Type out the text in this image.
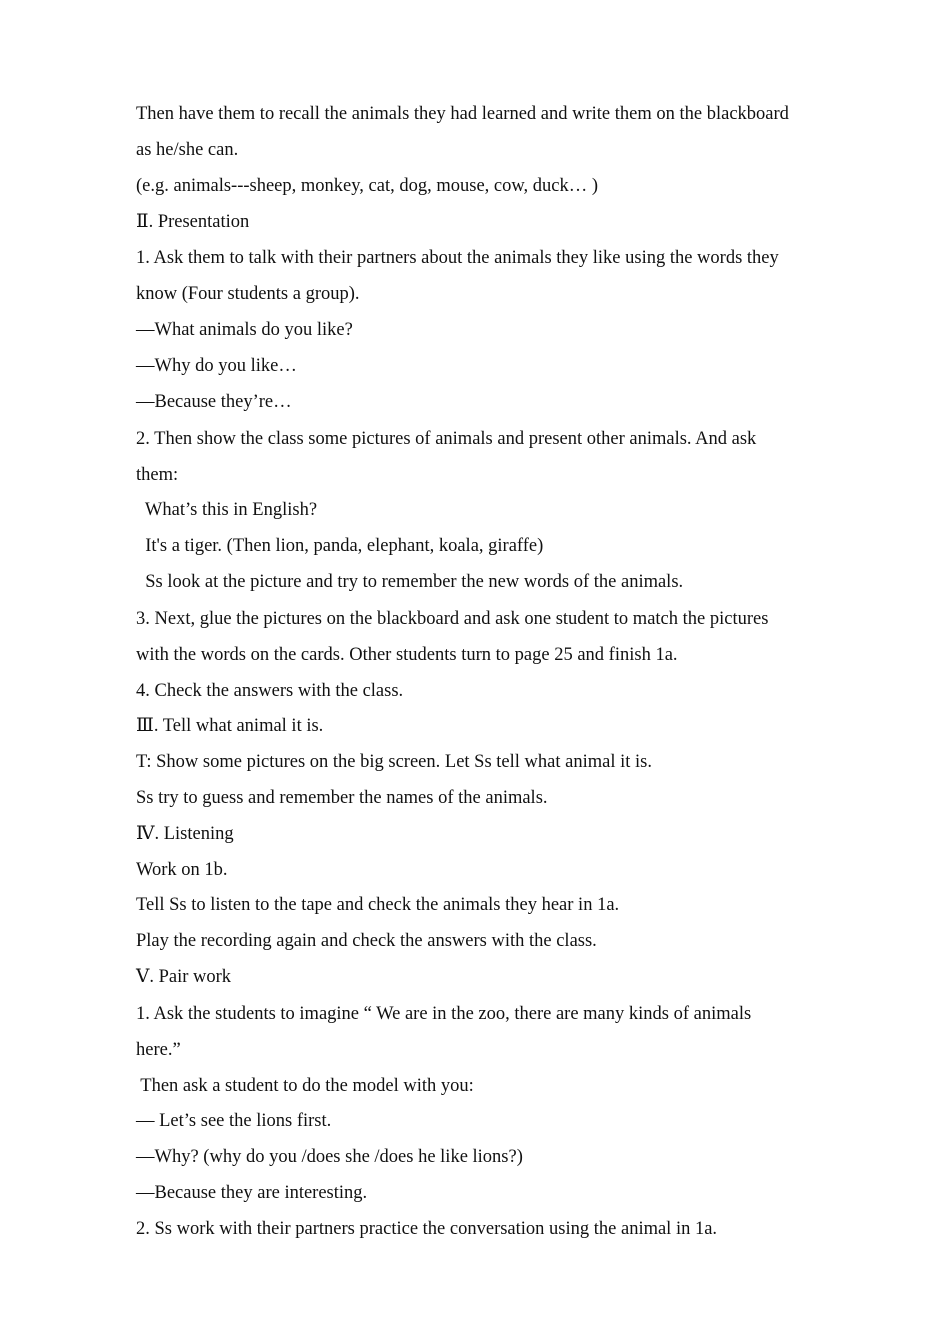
Then have them to recall the animals they had learned and write them on the blackboard

as he/she can.

(e.g. animals---sheep, monkey, cat, dog, mouse, cow, duck… )

Ⅱ. Presentation

1. Ask them to talk with their partners about the animals they like using the words they

know (Four students a group).

—What animals do you like?

—Why do you like…

—Because they’re…

2. Then show the class some pictures of animals and present other animals. And ask

them:

What’s this in English?

It's a tiger. (Then lion, panda, elephant, koala, giraffe)

Ss look at the picture and try to remember the new words of the animals.

3. Next, glue the pictures on the blackboard and ask one student to match the pictures

with the words on the cards. Other students turn to page 25 and finish 1a.

4. Check the answers with the class.

Ⅲ. Tell what animal it is.

T: Show some pictures on the big screen. Let Ss tell what animal it is.

Ss try to guess and remember the names of the animals.

Ⅳ. Listening

Work on 1b.

Tell Ss to listen to the tape and check the animals they hear in 1a.

Play the recording again and check the answers with the class.

Ⅴ. Pair work

1. Ask the students to imagine “ We are in the zoo, there are many kinds of animals

here.”

Then ask a student to do the model with you:

— Let’s see the lions first.

—Why? (why do you /does she /does he like lions?)

—Because they are interesting.

2. Ss work with their partners practice the conversation using the animal in 1a.
